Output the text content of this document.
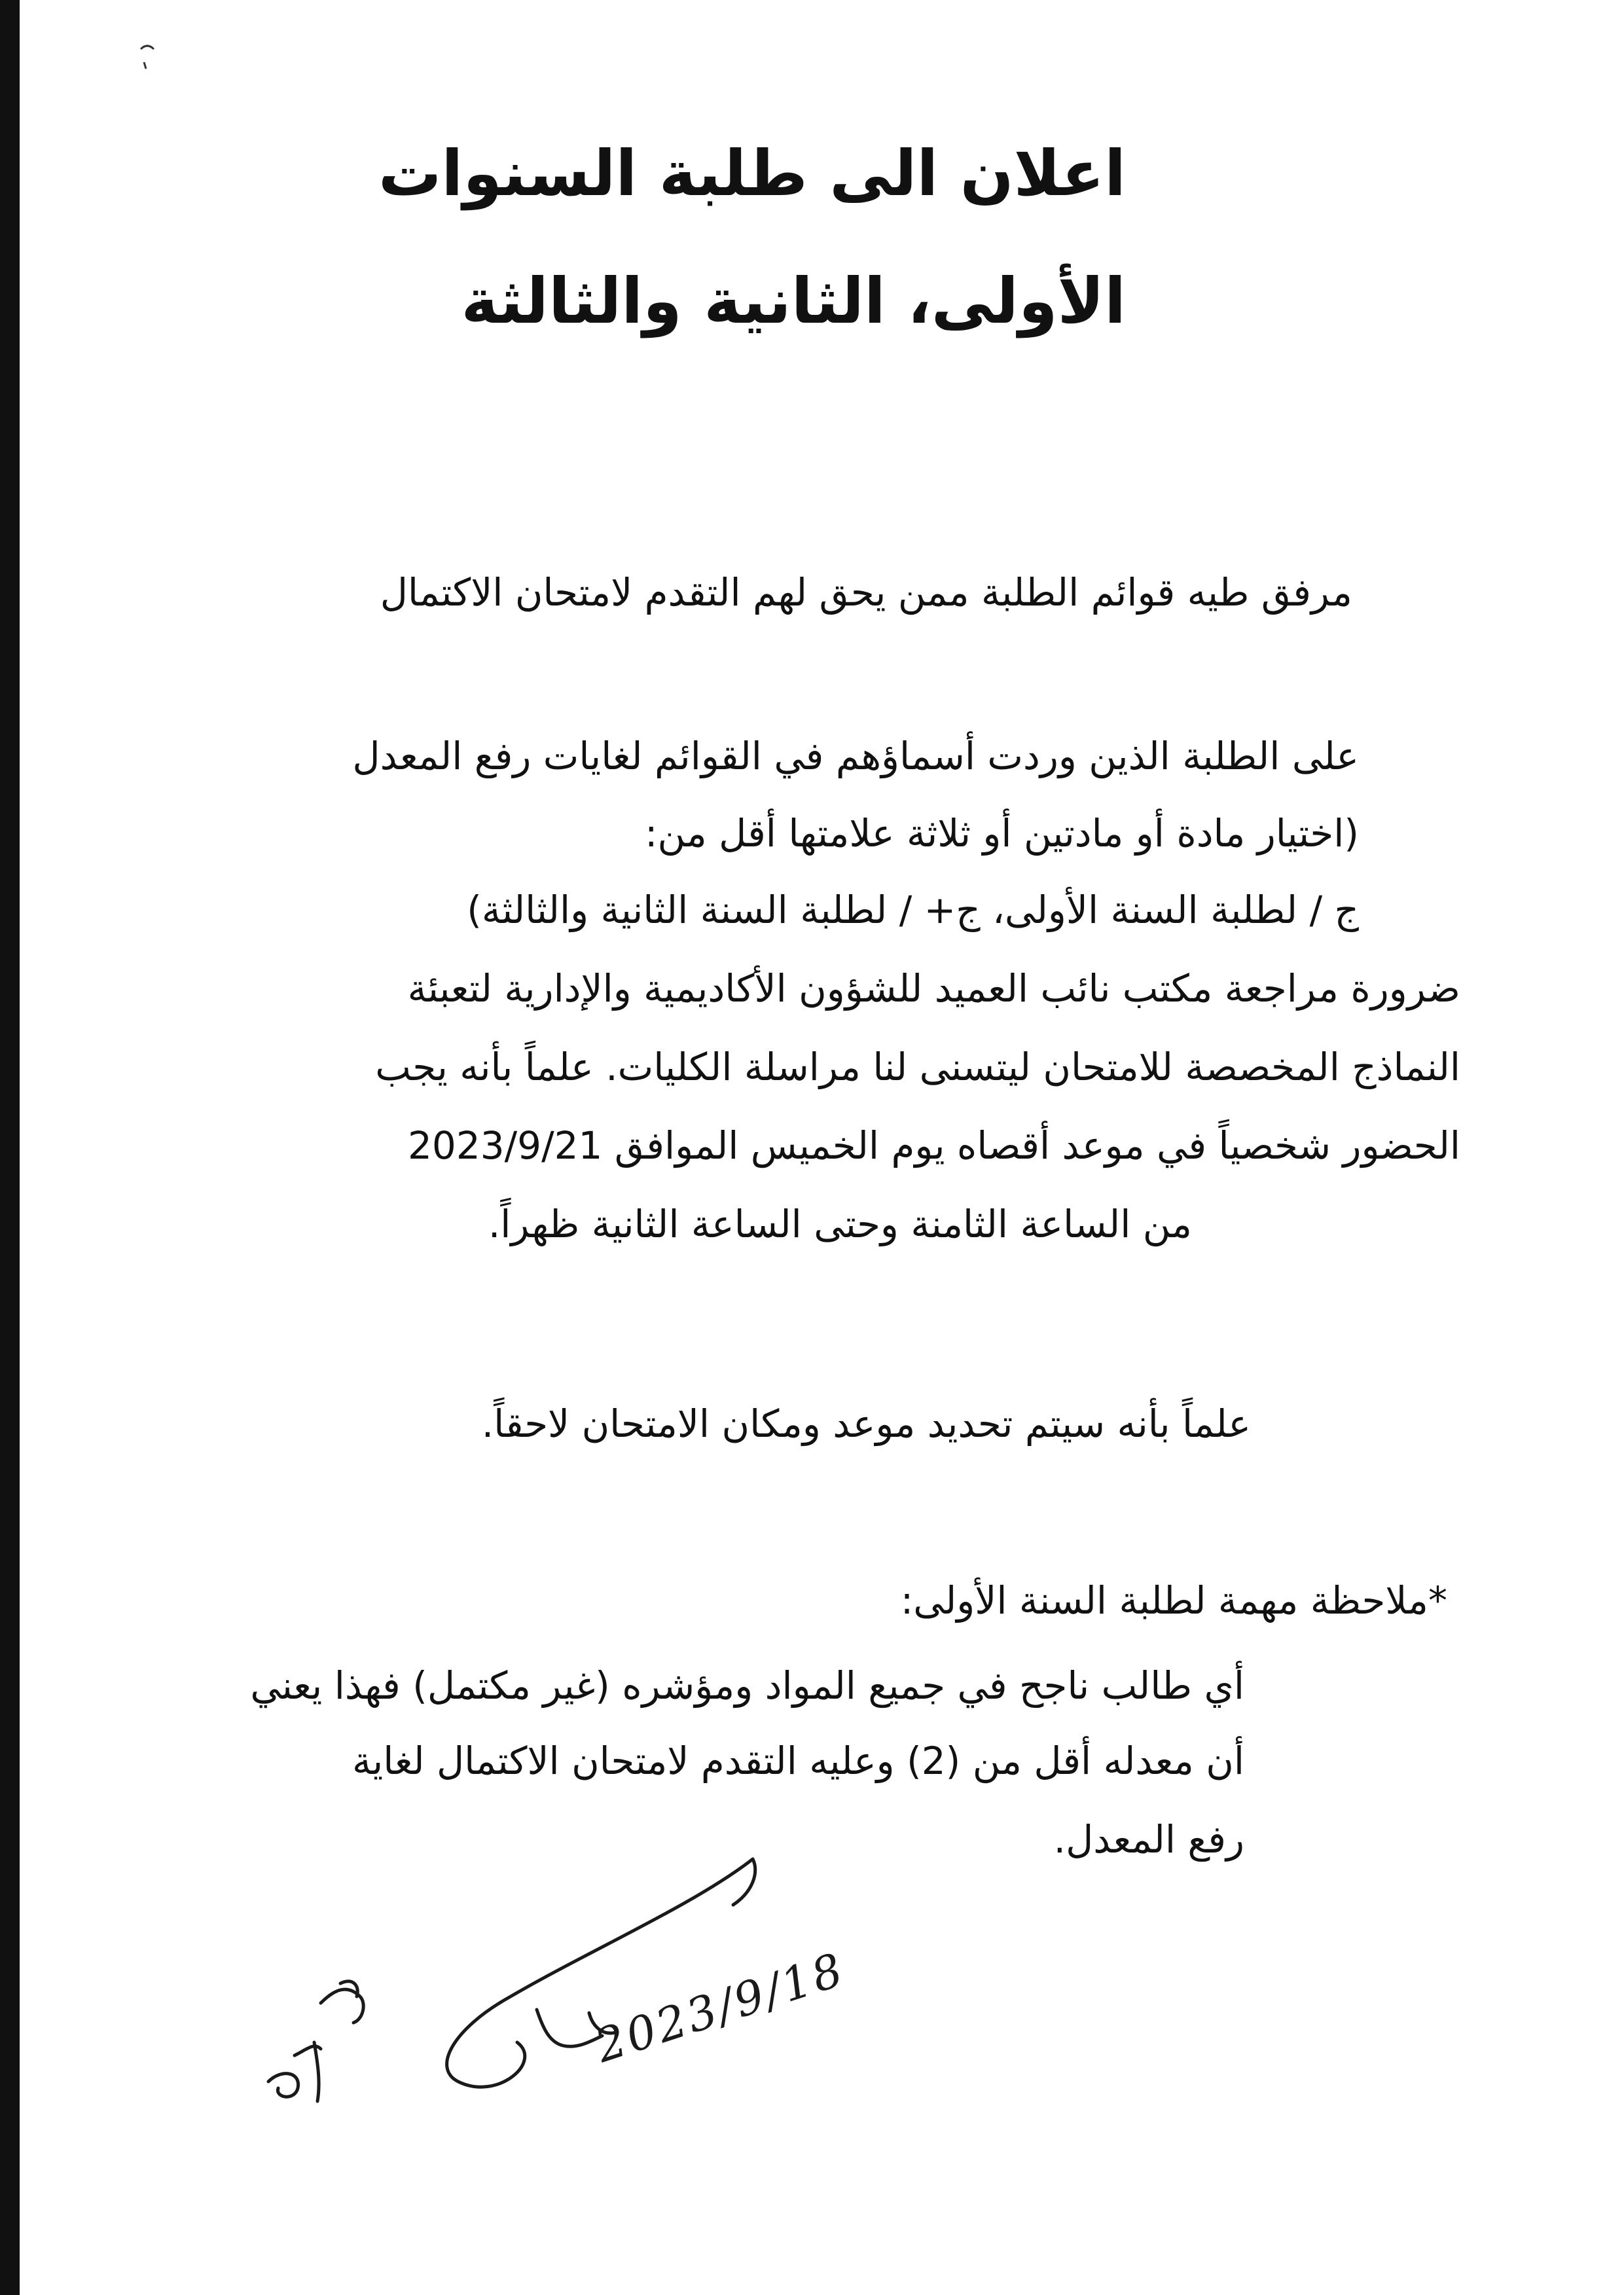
اعلان الى طلبة السنوات
الأولى، الثانية والثالثة

مرفق طيه قوائم الطلبة ممن يحق لهم التقدم لامتحان الاكتمال

على الطلبة الذين وردت أسماؤهم في القوائم لغايات رفع المعدل

(اختيار مادة أو مادتين أو ثلاثة علامتها أقل من:

ج / لطلبة السنة الأولى، ج+ / لطلبة السنة الثانية والثالثة)

ضرورة مراجعة مكتب نائب العميد للشؤون الأكاديمية والإدارية لتعبئة

النماذج المخصصة للامتحان ليتسنى لنا مراسلة الكليات. علماً بأنه يجب

الحضور شخصياً في موعد أقصاه يوم الخميس الموافق 2023/9/21

من الساعة الثامنة وحتى الساعة الثانية ظهراً.

علماً بأنه سيتم تحديد موعد ومكان الامتحان لاحقاً.

*ملاحظة مهمة لطلبة السنة الأولى:

أي طالب ناجح في جميع المواد ومؤشره (غير مكتمل) فهذا يعني

أن معدله أقل من (2) وعليه التقدم لامتحان الاكتمال لغاية

رفع المعدل.

2023/9/18
